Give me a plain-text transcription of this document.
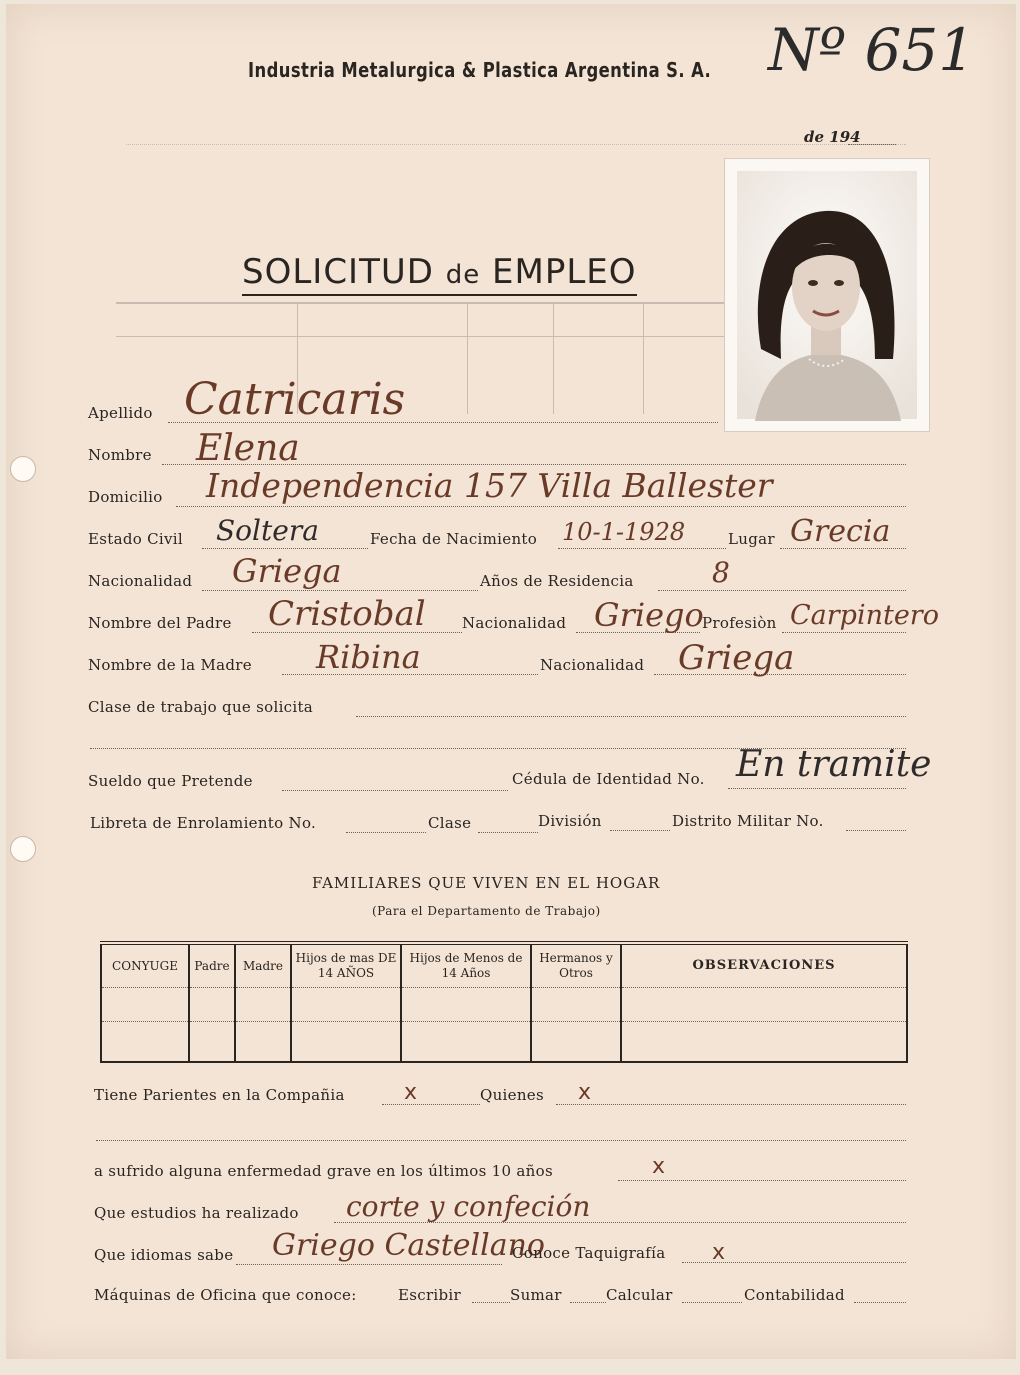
Industria Metalurgica & Plastica Argentina S. A. Nº 651
de 194
SOLICITUD de EMPLEO
Apellido Catricaris
Nombre Elena
Domicilio Independencia 157 Villa Ballester
Estado Civil Soltera	Fecha de Nacimiento 10-1-1928	Lugar Grecia
Nacionalidad Griega	Años de Residencia	8
Nombre del Padre Cristobal Nacionalidad Griego
Profesiòn Carpintero
Nombre de la Madre Ribina	Nacionalidad Griega
Clase de trabajo que solicita
Sueldo que Pretende	Cédula de Identidad No. En tramite
Libreta de Enrolamiento No.	Clase	División	Distrito Militar No.
FAMILIARES QUE VIVEN EN EL HOGAR
(Para el Departamento de Trabajo)
CONYUGE	Padre	Madre	Hijos de mas DE 14 AÑOS	Hijos de Menos de 14 Años	Hermanos y Otros	OBSERVACIONES

Tiene Parientes en la Compañia	x	Quienes x
a sufrido alguna enfermedad grave en los últimos 10 años	x
Que estudios ha realizado corte y confeción
Que idiomas sabe Griego Castellano
Conoce Taquigrafía x
Máquinas de Oficina que conoce:	Escribir	Sumar	Calcular	Contabilidad
